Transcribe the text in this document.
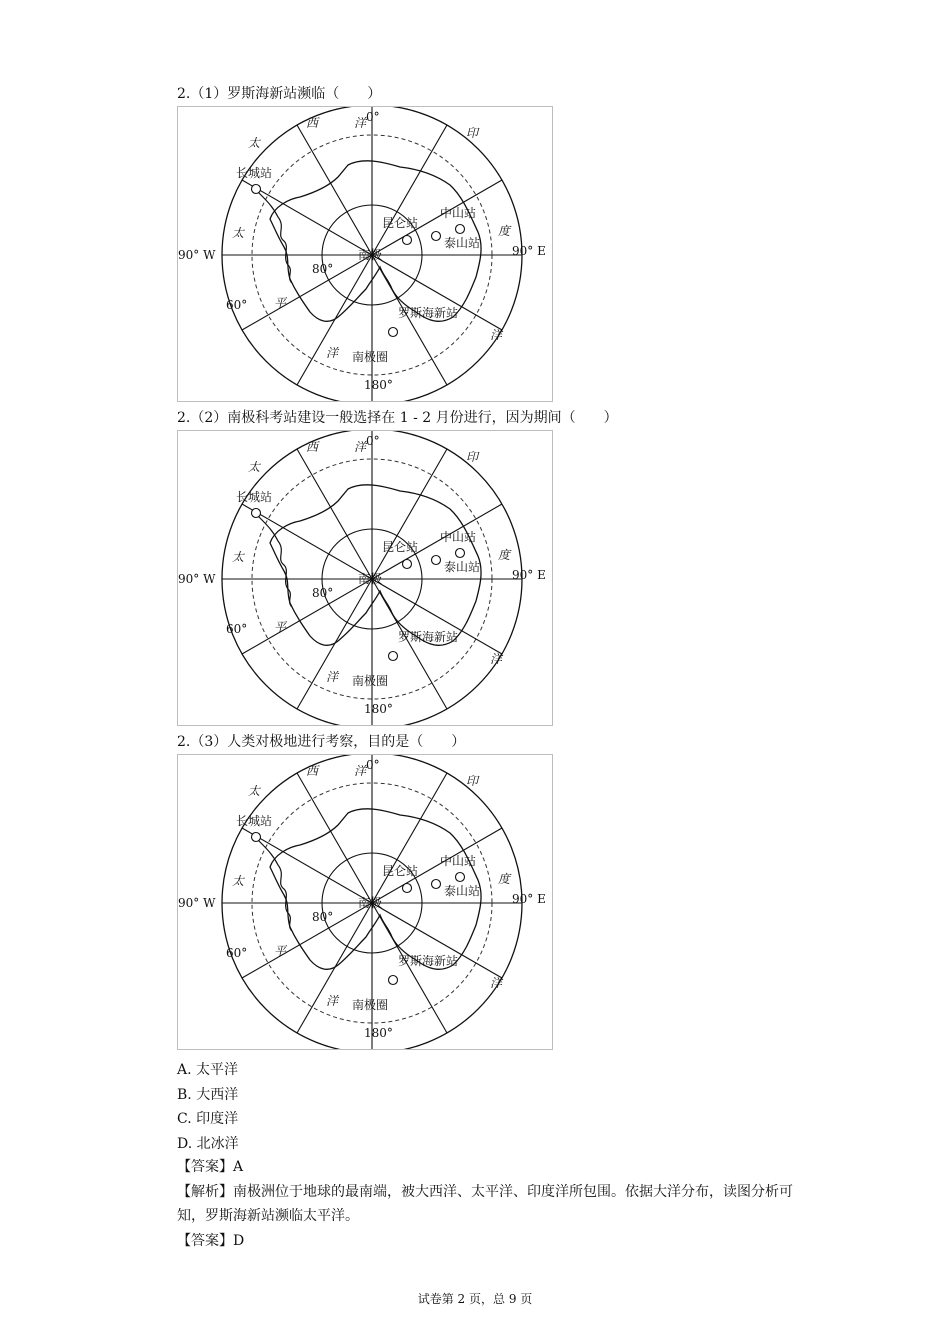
2.（1）罗斯海新站濒临（　　）
西	洋 0°
太
印
度
洋
太
平
洋
长城站
昆仑站
中山站
泰山站
罗斯海新站
南极
80°
60°
90° W	90° E
180°
南极圈
2.（2）南极科考站建设一般选择在 1 - 2 月份进行，因为期间（　　）
西	洋 0°
太
印
度
洋
太
平
洋
长城站
昆仑站
中山站
泰山站
罗斯海新站
南极
80°
60°
90° W	90° E
180°
南极圈
2.（3）人类对极地进行考察，目的是（　　）
西	洋 0°
太
印
度
洋
太
平
洋
长城站
昆仑站
中山站
泰山站
罗斯海新站
南极
80°
60°
90° W	90° E
180°
南极圈
A. 太平洋
B. 大西洋
C. 印度洋
D. 北冰洋

【答案】A

【解析】南极洲位于地球的最南端，被大西洋、太平洋、印度洋所包围。依据大洋分布，读图分析可知，罗斯海新站濒临太平洋。

【答案】D

试卷第 2 页，总 9 页
